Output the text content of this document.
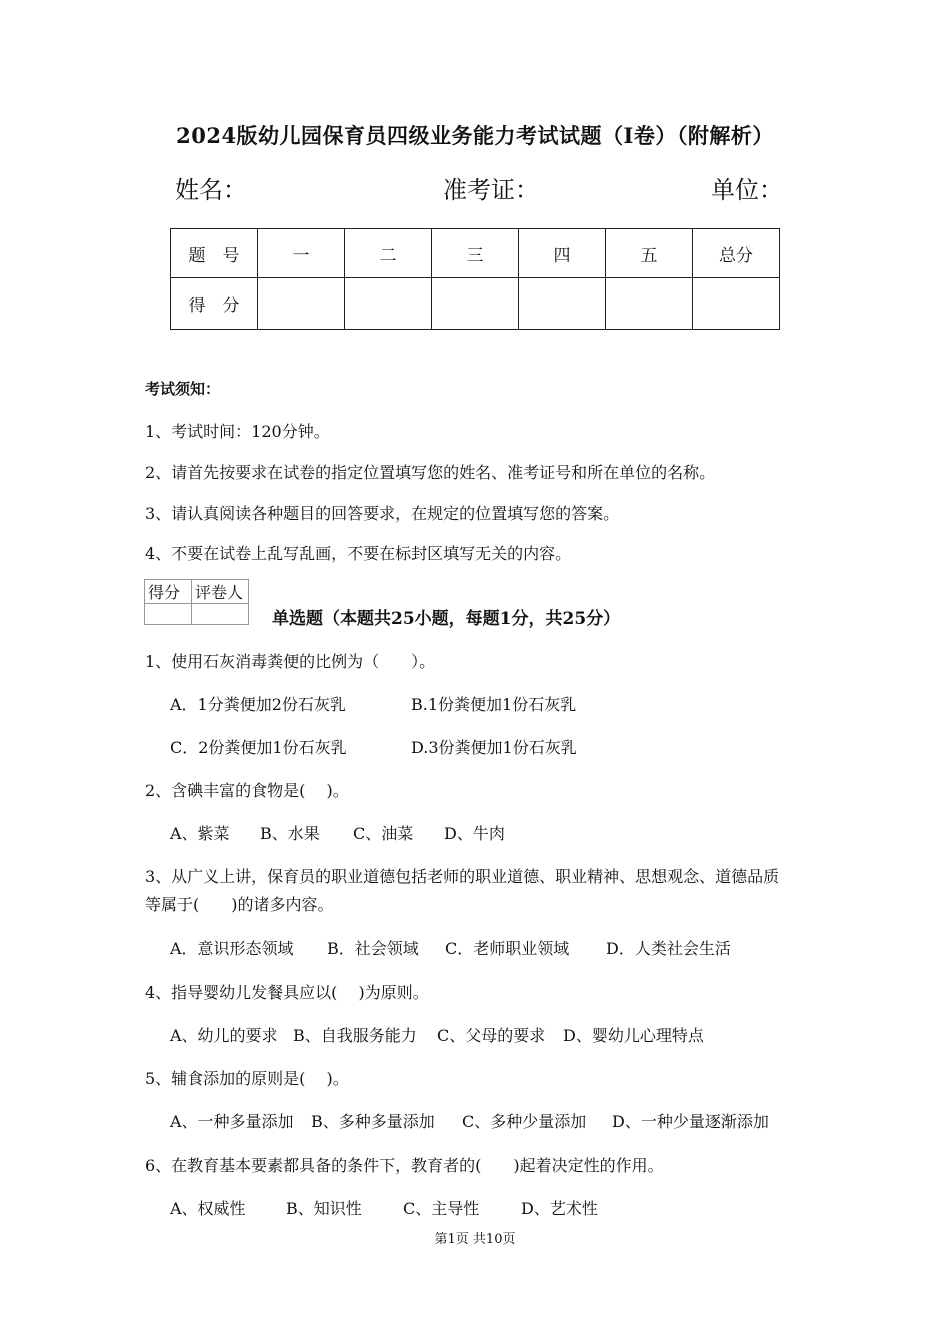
2024版幼儿园保育员四级业务能力考试试题（I卷）（附解析）
姓名：	准考证：	单位：
题　号	一	二	三	四	五	总分
得　分						
考试须知：
1、考试时间：120分钟。
2、请首先按要求在试卷的指定位置填写您的姓名、准考证号和所在单位的名称。
3、请认真阅读各种题目的回答要求，在规定的位置填写您的答案。
4、不要在试卷上乱写乱画，不要在标封区填写无关的内容。
得分	评卷人

单选题（本题共25小题，每题1分，共25分）
1、使用石灰消毒粪便的比例为（　　）。
A．1分粪便加2份石灰乳	B.1份粪便加1份石灰乳
C．2份粪便加1份石灰乳	D.3份粪便加1份石灰乳
2、含碘丰富的食物是(　 )。
A、紫菜 B、水果 C、油菜 D、牛肉
3、从广义上讲，保育员的职业道德包括老师的职业道德、职业精神、思想观念、道德品质
等属于(　　)的诸多内容。
A．意识形态领域 B．社会领域 C．老师职业领域 D．人类社会生活
4、指导婴幼儿发餐具应以(　 )为原则。
A、幼儿的要求 B、自我服务能力 C、父母的要求 D、婴幼儿心理特点
5、辅食添加的原则是(　 )。
A、一种多量添加 B、多种多量添加 C、多种少量添加 D、一种少量逐渐添加
6、在教育基本要素都具备的条件下，教育者的(　　)起着决定性的作用。
A、权威性	B、知识性	C、主导性	D、艺术性
第1页 共10页
